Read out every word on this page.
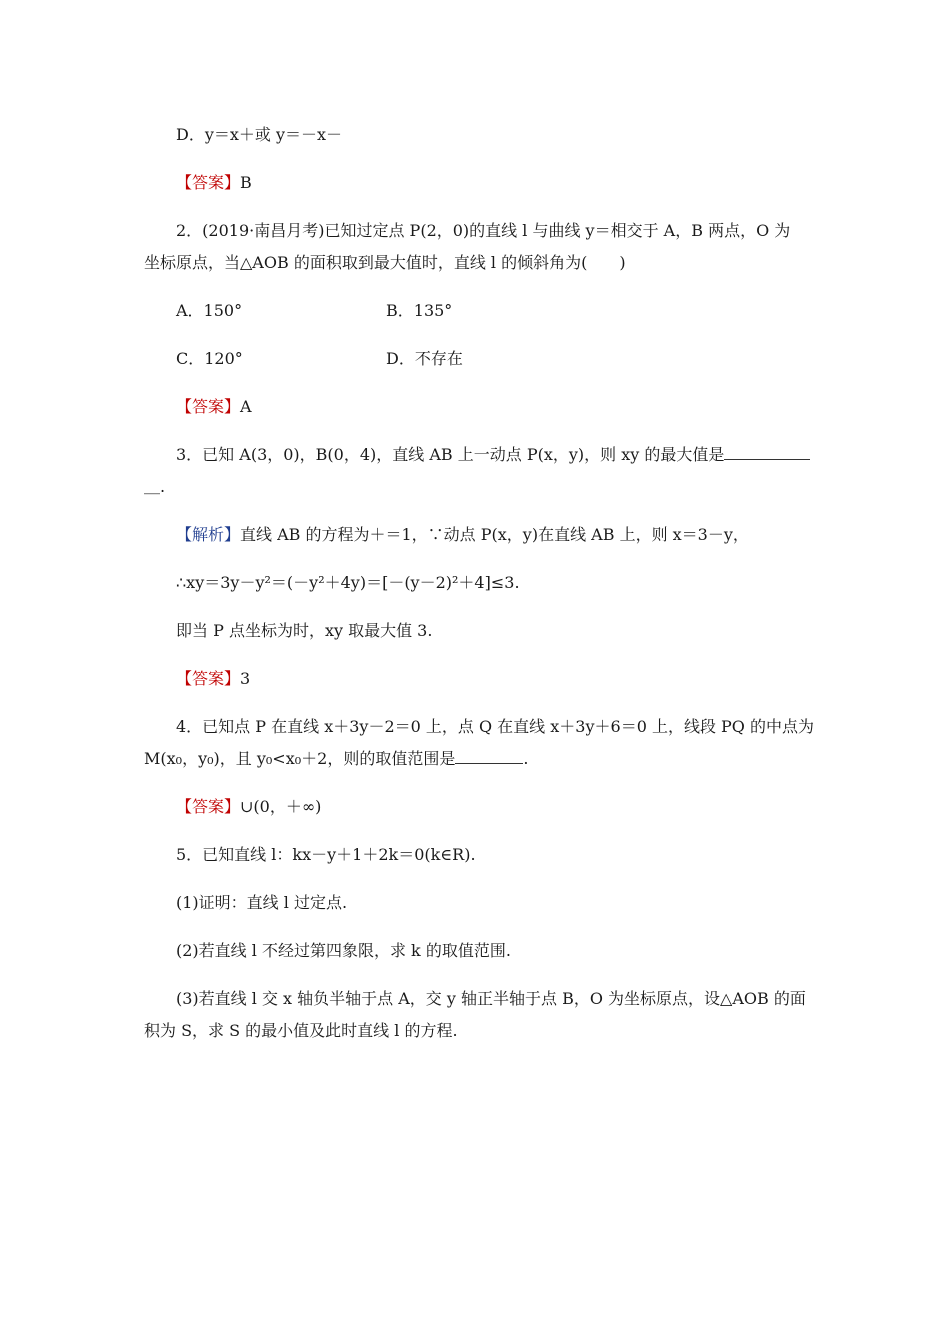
D．y＝x＋或 y＝－x－
【答案】B
2．(2019·南昌月考)已知过定点 P(2，0)的直线 l 与曲线 y＝相交于 A，B 两点，O 为
坐标原点，当△AOB 的面积取到最大值时，直线 l 的倾斜角为(　　)
A．150°	B．135°
C．120°	D．不存在
【答案】A
3．已知 A(3，0)，B(0，4)，直线 AB 上一动点 P(x，y)，则 xy 的最大值是
＿.
【解析】直线 AB 的方程为＋＝1，∵动点 P(x，y)在直线 AB 上，则 x＝3－y，
∴xy＝3y－y²＝(－y²＋4y)＝[－(y－2)²＋4]≤3.
即当 P 点坐标为时，xy 取最大值 3.
【答案】3
4．已知点 P 在直线 x＋3y－2＝0 上，点 Q 在直线 x＋3y＋6＝0 上，线段 PQ 的中点为
M(x₀，y₀)，且 y₀<x₀＋2，则的取值范围是	.
【答案】∪(0，＋∞)
5．已知直线 l：kx－y＋1＋2k＝0(k∈R).
(1)证明：直线 l 过定点.
(2)若直线 l 不经过第四象限，求 k 的取值范围.
(3)若直线 l 交 x 轴负半轴于点 A，交 y 轴正半轴于点 B，O 为坐标原点，设△AOB 的面
积为 S，求 S 的最小值及此时直线 l 的方程.
